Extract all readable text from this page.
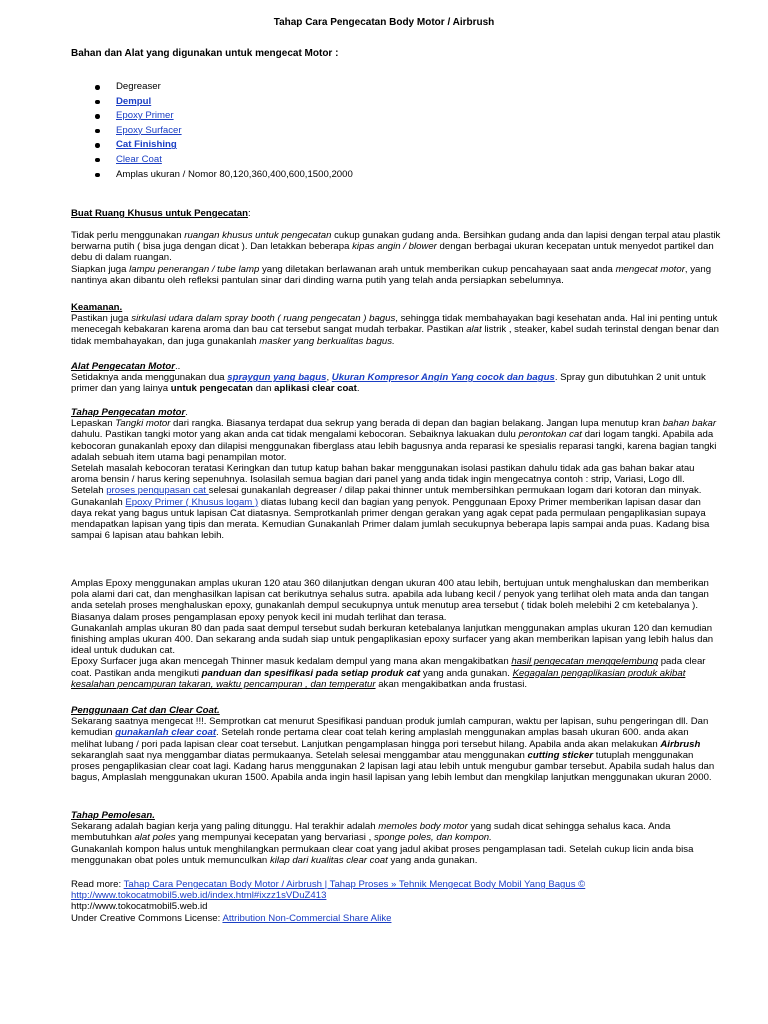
Tahap Cara Pengecatan Body Motor / Airbrush
Bahan dan Alat yang digunakan untuk mengecat Motor :
Degreaser
Dempul
Epoxy Primer
Epoxy Surfacer
Cat Finishing
Clear Coat
Amplas ukuran / Nomor 80,120,360,400,600,1500,2000

Buat Ruang Khusus untuk Pengecatan:

Tidak perlu menggunakan ruangan khusus untuk pengecatan cukup gunakan gudang anda. Bersihkan gudang anda dan lapisi dengan terpal atau plastik berwarna putih ( bisa juga dengan dicat ). Dan letakkan beberapa kipas angin / blower dengan berbagai ukuran kecepatan untuk menyedot partikel dan debu di dalam ruangan.

Siapkan juga lampu penerangan / tube lamp yang diletakan berlawanan arah untuk memberikan cukup pencahayaan saat anda mengecat motor, yang nantinya akan dibantu oleh refleksi pantulan sinar dari dinding warna putih yang telah anda persiapkan sebelumnya.

Keamanan.

Pastikan juga sirkulasi udara dalam spray booth ( ruang pengecatan ) bagus, sehingga tidak membahayakan bagi kesehatan anda. Hal ini penting untuk menecegah kebakaran karena aroma dan bau cat tersebut sangat mudah terbakar. Pastikan alat listrik , steaker, kabel sudah terinstal dengan benar dan tidak membahayakan, dan juga gunakanlah masker yang berkualitas bagus.

Alat Pengecatan Motor..

Setidaknya anda menggunakan dua spraygun yang bagus, Ukuran Kompresor Angin Yang cocok dan bagus. Spray gun dibutuhkan 2 unit untuk primer dan yang lainya untuk pengecatan dan aplikasi clear coat.

Tahap Pengecatan motor.

Lepaskan Tangki motor dari rangka. Biasanya terdapat dua sekrup yang berada di depan dan bagian belakang. Jangan lupa menutup kran bahan bakar dahulu. Pastikan tangki motor yang akan anda cat tidak mengalami kebocoran. Sebaiknya lakuakan dulu perontokan cat dari logam tangki. Apabila ada kebocoran gunakanlah epoxy dan dilapisi menggunakan fiberglass atau lebih bagusnya anda reparasi ke spesialis reparasi tangki, karena bagian tangki adalah sebuah item utama bagi penampilan motor.

Setelah masalah kebocoran teratasi Keringkan dan tutup katup bahan bakar menggunakan isolasi pastikan dahulu tidak ada gas bahan bakar atau aroma bensin / harus kering sepenuhnya. Isolasilah semua bagian dari panel yang anda tidak ingin mengecatnya contoh : strip, Variasi, Logo dll.

Setelah proses pengupasan cat selesai gunakanlah degreaser / dilap pakai thinner untuk membersihkan permukaan logam dari kotoran dan minyak.

Gunakanlah Epoxy Primer ( Khusus logam ) diatas lubang kecil dan bagian yang penyok. Penggunaan Epoxy Primer memberikan lapisan dasar dan daya rekat yang bagus untuk lapisan Cat diatasnya. Semprotkanlah primer dengan gerakan yang agak cepat pada permulaan pengaplikasian supaya mendapatkan lapisan yang tipis dan merata. Kemudian Gunakanlah Primer dalam jumlah secukupnya beberapa lapis sampai anda puas. Kadang bisa sampai 6 lapisan atau bahkan lebih.

Amplas Epoxy menggunakan amplas ukuran 120 atau 360 dilanjutkan dengan ukuran 400 atau lebih, bertujuan untuk menghaluskan dan memberikan pola alami dari cat, dan menghasilkan lapisan cat berikutnya sehalus sutra. apabila ada lubang kecil / penyok yang terlihat oleh mata anda dan tangan anda setelah proses menghaluskan epoxy, gunakanlah dempul secukupnya untuk menutup area tersebut ( tidak boleh melebihi 2 cm ketebalanya ). Biasanya dalam proses pengamplasan epoxy penyok kecil ini mudah terlihat dan terasa.

Gunakanlah amplas ukuran 80 dan pada saat dempul tersebut sudah berkuran ketebalanya lanjutkan menggunakan amplas ukuran 120 dan kemudian finishing amplas ukuran 400. Dan sekarang anda sudah siap untuk pengaplikasian epoxy surfacer yang akan memberikan lapisan yang lebih halus dan ideal untuk dudukan cat.

Epoxy Surfacer juga akan mencegah Thinner masuk kedalam dempul yang mana akan mengakibatkan hasil pengecatan menggelembung pada clear coat. Pastikan anda mengikuti panduan dan spesifikasi pada setiap produk cat yang anda gunakan. Kegagalan pengaplikasian produk akibat kesalahan pencampuran takaran, waktu pencampuran , dan temperatur akan mengakibatkan anda frustasi.

Penggunaan Cat dan Clear Coat.

Sekarang saatnya mengecat !!!. Semprotkan cat menurut Spesifikasi panduan produk jumlah campuran, waktu per lapisan, suhu pengeringan dll. Dan kemudian gunakanlah clear coat. Setelah ronde pertama clear coat telah kering amplaslah menggunakan amplas basah ukuran 600. anda akan melihat lubang / pori pada lapisan clear coat tersebut. Lanjutkan pengamplasan hingga pori tersebut hilang. Apabila anda akan melakukan Airbrush sekaranglah saat nya menggambar diatas permukaanya. Setelah selesai menggambar atau menggunakan cutting sticker tutuplah menggunakan proses pengaplikasian clear coat lagi. Kadang harus menggunakan 2 lapisan lagi atau lebih untuk mengubur gambar tersebut. Apabila sudah halus dan bagus, Amplaslah menggunakan ukuran 1500. Apabila anda ingin hasil lapisan yang lebih lembut dan mengkilap lanjutkan menggunakan ukuran 2000.

Tahap Pemolesan.

Sekarang adalah bagian kerja yang paling ditunggu. Hal terakhir adalah memoles body motor yang sudah dicat sehingga sehalus kaca. Anda membutuhkan alat poles yang mempunyai kecepatan yang bervariasi , sponge poles, dan kompon.

Gunakanlah kompon halus untuk menghilangkan permukaan clear coat yang jadul akibat proses pengamplasan tadi. Setelah cukup licin anda bisa menggunakan obat poles untuk memunculkan kilap dari kualitas clear coat yang anda gunakan.

Read more: Tahap Cara Pengecatan Body Motor / Airbrush | Tahap Proses » Tehnik Mengecat Body Mobil Yang Bagus ©

http://www.tokocatmobil5.web.id/index.html#ixzz1sVDuZ413

http://www.tokocatmobil5.web.id

Under Creative Commons License: Attribution Non-Commercial Share Alike
